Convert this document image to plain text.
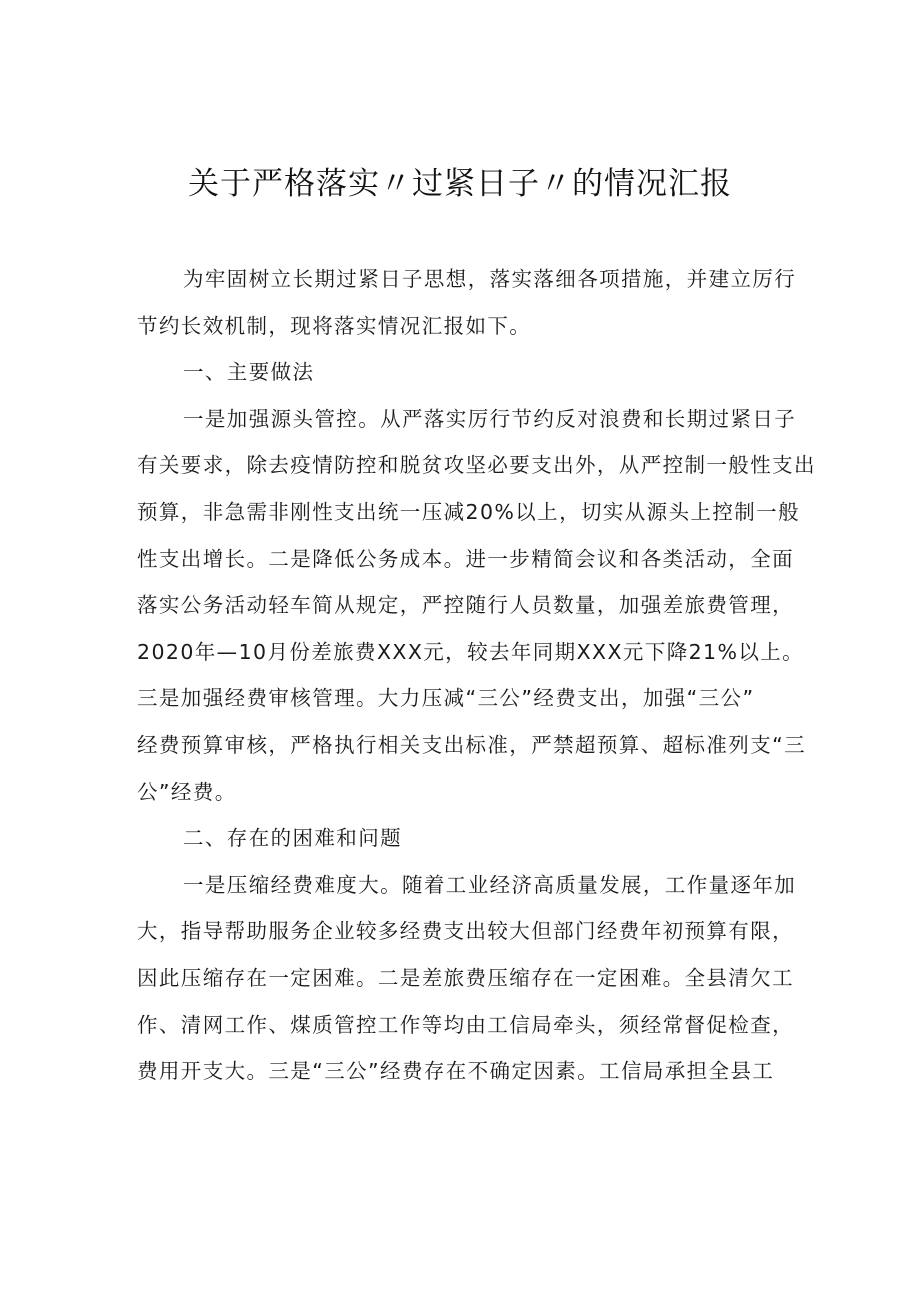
关于严格落实〃过紧日子〃的情况汇报
为牢固树立长期过紧日子思想，落实落细各项措施，并建立厉行
节约长效机制，现将落实情况汇报如下。
一、主要做法
一是加强源头管控。从严落实厉行节约反对浪费和长期过紧日子
有关要求，除去疫情防控和脱贫攻坚必要支出外，从严控制一般性支出
预算，非急需非刚性支出统一压减20%以上，切实从源头上控制一般
性支出增长。二是降低公务成本。进一步精简会议和各类活动，全面
落实公务活动轻车简从规定，严控随行人员数量，加强差旅费管理，
2020年—10月份差旅费XXX元，较去年同期XXX元下降21%以上。
三是加强经费审核管理。大力压减“三公”经费支出，加强“三公”
经费预算审核，严格执行相关支出标准，严禁超预算、超标准列支“三
公”经费。
二、存在的困难和问题
一是压缩经费难度大。随着工业经济高质量发展，工作量逐年加
大，指导帮助服务企业较多经费支出较大但部门经费年初预算有限，
因此压缩存在一定困难。二是差旅费压缩存在一定困难。全县清欠工
作、清网工作、煤质管控工作等均由工信局牵头，须经常督促检查，
费用开支大。三是“三公”经费存在不确定因素。工信局承担全县工
